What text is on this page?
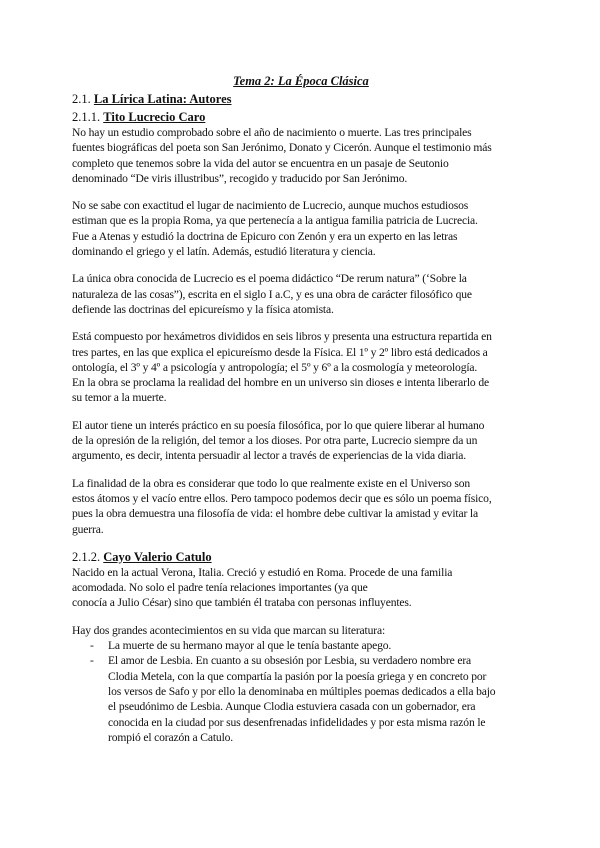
Tema 2: La Época Clásica
2.1. La Lírica Latina: Autores
2.1.1. Tito Lucrecio Caro

No hay un estudio comprobado sobre el año de nacimiento o muerte. Las tres principales
fuentes biográficas del poeta son San Jerónimo, Donato y Cicerón. Aunque el testimonio más
completo que tenemos sobre la vida del autor se encuentra en un pasaje de Seutonio
denominado “De viris illustribus”, recogido y traducido por San Jerónimo.

No se sabe con exactitud el lugar de nacimiento de Lucrecio, aunque muchos estudiosos
estiman que es la propia Roma, ya que pertenecía a la antigua familia patricia de Lucrecia.
Fue a Atenas y estudió la doctrina de Epicuro con Zenón y era un experto en las letras
dominando el griego y el latín. Además, estudió literatura y ciencia.

La única obra conocida de Lucrecio es el poema didáctico “De rerum natura” (‘Sobre la
naturaleza de las cosas”), escrita en el siglo I a.C, y es una obra de carácter filosófico que
defiende las doctrinas del epicureísmo y la física atomista.

Está compuesto por hexámetros divididos en seis libros y presenta una estructura repartida en
tres partes, en las que explica el epicureísmo desde la Física. El 1º y 2º libro está dedicados a
ontología, el 3º y 4º a psicología y antropología; el 5º y 6º a la cosmología y meteorología.
En la obra se proclama la realidad del hombre en un universo sin dioses e intenta liberarlo de
su temor a la muerte.

El autor tiene un interés práctico en su poesía filosófica, por lo que quiere liberar al humano
de la opresión de la religión, del temor a los dioses. Por otra parte, Lucrecio siempre da un
argumento, es decir, intenta persuadir al lector a través de experiencias de la vida diaria.

La finalidad de la obra es considerar que todo lo que realmente existe en el Universo son
estos átomos y el vacío entre ellos. Pero tampoco podemos decir que es sólo un poema físico,
pues la obra demuestra una filosofía de vida: el hombre debe cultivar la amistad y evitar la
guerra.

2.1.2. Cayo Valerio Catulo

Nacido en la actual Verona, Italia. Creció y estudió en Roma. Procede de una familia
acomodada. No solo el padre tenía relaciones importantes (ya que
conocía a Julio César) sino que también él trataba con personas influyentes.

Hay dos grandes acontecimientos en su vida que marcan su literatura:

- La muerte de su hermano mayor al que le tenía bastante apego.
- El amor de Lesbia. En cuanto a su obsesión por Lesbia, su verdadero nombre era
Clodia Metela, con la que compartía la pasión por la poesía griega y en concreto por
los versos de Safo y por ello la denominaba en múltiples poemas dedicados a ella bajo
el pseudónimo de Lesbia. Aunque Clodia estuviera casada con un gobernador, era
conocida en la ciudad por sus desenfrenadas infidelidades y por esta misma razón le
rompió el corazón a Catulo.
